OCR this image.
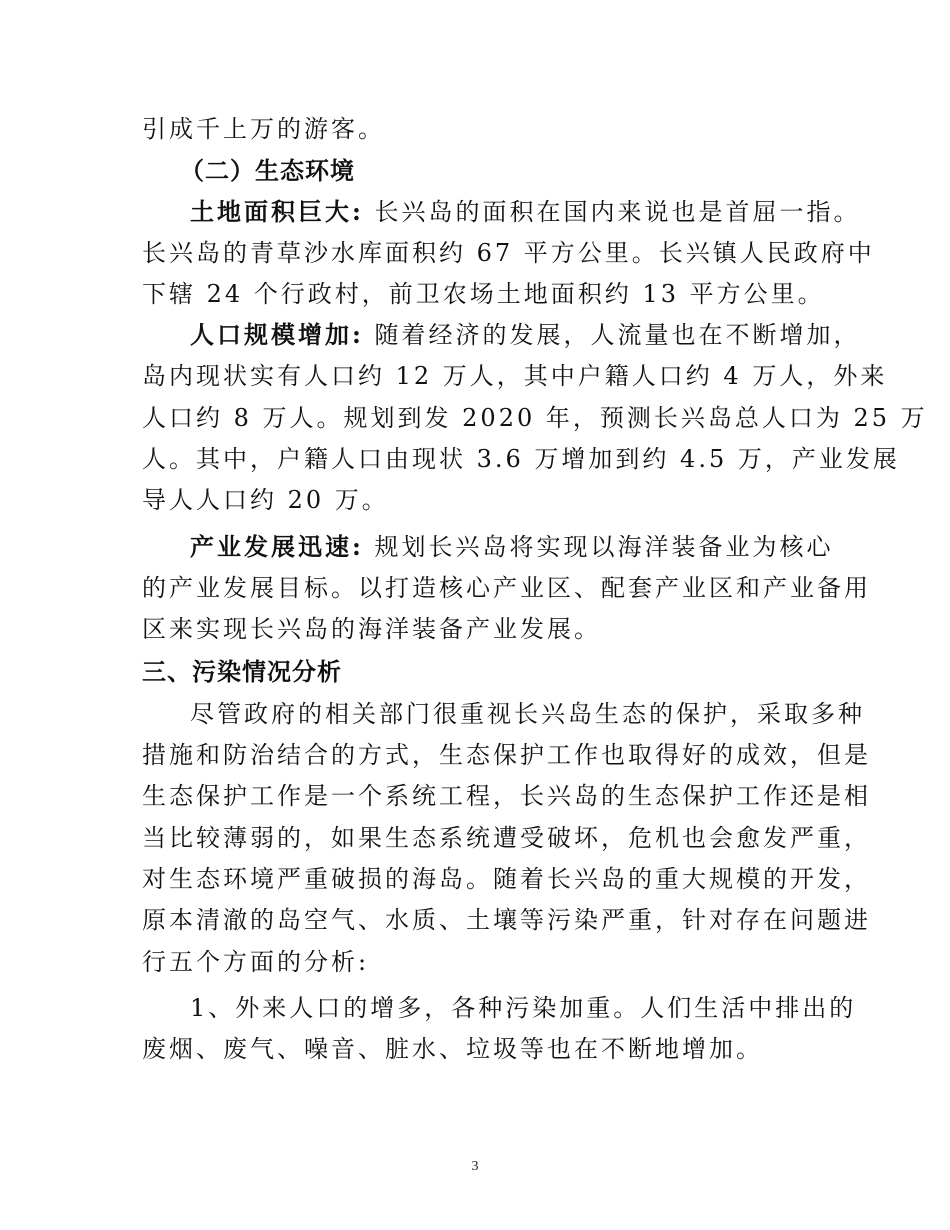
引成千上万的游客。
（二）生态环境
土地面积巨大: 长兴岛的面积在国内来说也是首屈一指。
长兴岛的青草沙水库面积约 67 平方公里。长兴镇人民政府中
下辖 24 个行政村，前卫农场土地面积约 13 平方公里。
人口规模增加: 随着经济的发展，人流量也在不断增加，
岛内现状实有人口约 12 万人，其中户籍人口约 4 万人，外来
人口约 8 万人。规划到发 2020 年，预测长兴岛总人口为 25 万
人。其中，户籍人口由现状 3.6 万增加到约 4.5 万，产业发展
导人人口约 20 万。
产业发展迅速: 规划长兴岛将实现以海洋装备业为核心
的产业发展目标。以打造核心产业区、配套产业区和产业备用
区来实现长兴岛的海洋装备产业发展。
三、污染情况分析
尽管政府的相关部门很重视长兴岛生态的保护，采取多种
措施和防治结合的方式，生态保护工作也取得好的成效，但是
生态保护工作是一个系统工程，长兴岛的生态保护工作还是相
当比较薄弱的，如果生态系统遭受破坏，危机也会愈发严重，
对生态环境严重破损的海岛。随着长兴岛的重大规模的开发，
原本清澈的岛空气、水质、土壤等污染严重，针对存在问题进
行五个方面的分析:
1、外来人口的增多，各种污染加重。人们生活中排出的
废烟、废气、噪音、脏水、垃圾等也在不断地增加。
3
